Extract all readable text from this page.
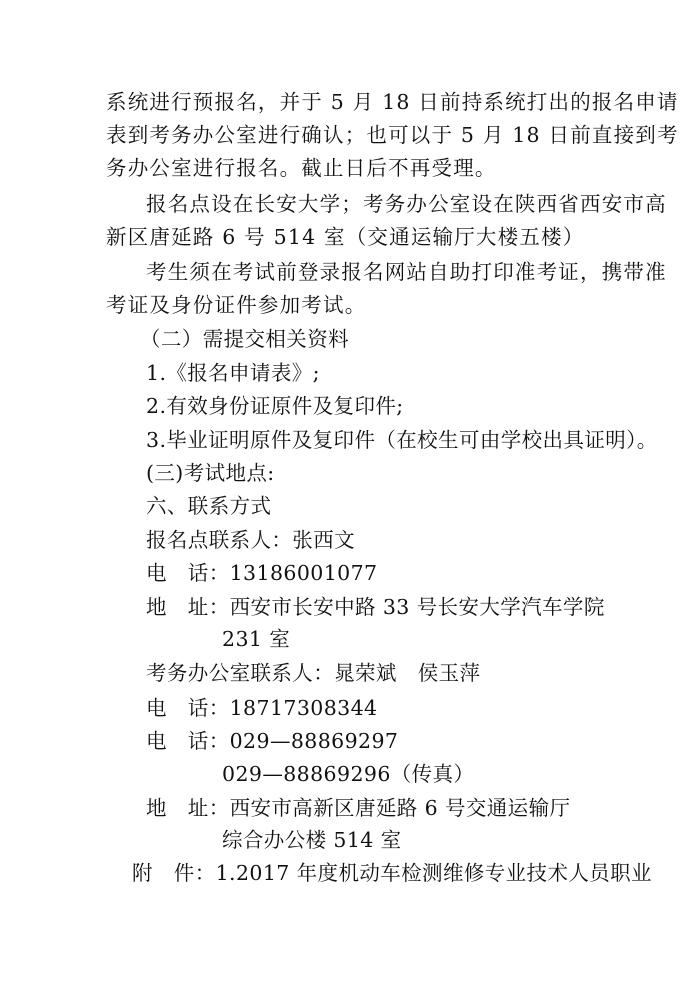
系统进行预报名，并于 5 月 18 日前持系统打出的报名申请
表到考务办公室进行确认；也可以于 5 月 18 日前直接到考
务办公室进行报名。截止日后不再受理。
报名点设在长安大学；考务办公室设在陕西省西安市高
新区唐延路 6 号 514 室（交通运输厅大楼五楼）
考生须在考试前登录报名网站自助打印准考证，携带准
考证及身份证件参加考试。
（二）需提交相关资料
1.《报名申请表》;
2.有效身份证原件及复印件;
3.毕业证明原件及复印件（在校生可由学校出具证明）。
(三)考试地点:
六、联系方式
报名点联系人：张西文
电　话：13186001077
地　址：西安市长安中路 33 号长安大学汽车学院
231 室
考务办公室联系人：晁荣斌　侯玉萍
电　话：18717308344
电　话：029—88869297
029—88869296（传真）
地　址：西安市高新区唐延路 6 号交通运输厅
综合办公楼 514 室
附　件：1.2017 年度机动车检测维修专业技术人员职业
